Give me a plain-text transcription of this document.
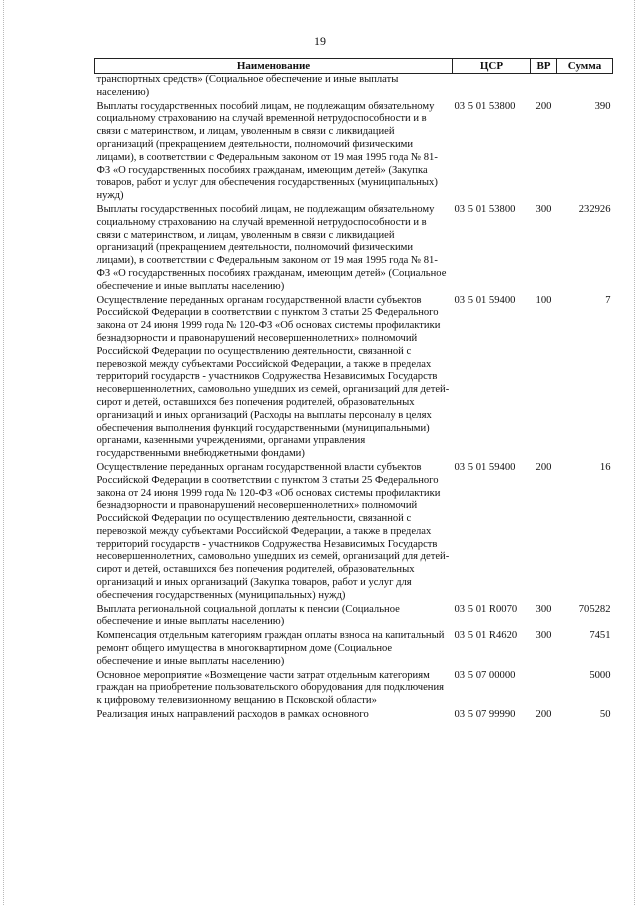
19
Наименование	ЦСР	ВР	Сумма
транспортных средств» (Социальное обеспечение и иные выплаты населению)			
Выплаты государственных пособий лицам, не подлежащим обязательному социальному страхованию на случай временной нетрудоспособности и в связи с материнством, и лицам, уволенным в связи с ликвидацией организаций (прекращением деятельности, полномочий физическими лицами), в соответствии с Федеральным законом от 19 мая 1995 года № 81-ФЗ «О государственных пособиях гражданам, имеющим детей» (Закупка товаров, работ и услуг для обеспечения государственных (муниципальных) нужд)	03 5 01 53800	200	390
Выплаты государственных пособий лицам, не подлежащим обязательному социальному страхованию на случай временной нетрудоспособности и в связи с материнством, и лицам, уволенным в связи с ликвидацией организаций (прекращением деятельности, полномочий физическими лицами), в соответствии с Федеральным законом от 19 мая 1995 года № 81-ФЗ «О государственных пособиях гражданам, имеющим детей» (Социальное обеспечение и иные выплаты населению)	03 5 01 53800	300	232926
Осуществление переданных органам государственной власти субъектов Российской Федерации в соответствии с пунктом 3 статьи 25 Федерального закона от 24 июня 1999 года № 120-ФЗ «Об основах системы профилактики безнадзорности и правонарушений несовершеннолетних» полномочий Российской Федерации по осуществлению деятельности, связанной с перевозкой между субъектами Российской Федерации, а также в пределах территорий государств - участников Содружества Независимых Государств несовершеннолетних, самовольно ушедших из семей, организаций для детей-сирот и детей, оставшихся без попечения родителей, образовательных организаций и иных организаций (Расходы на выплаты персоналу в целях обеспечения выполнения функций государственными (муниципальными) органами, казенными учреждениями, органами управления государственными внебюджетными фондами)	03 5 01 59400	100	7
Осуществление переданных органам государственной власти субъектов Российской Федерации в соответствии с пунктом 3 статьи 25 Федерального закона от 24 июня 1999 года № 120-ФЗ «Об основах системы профилактики безнадзорности и правонарушений несовершеннолетних» полномочий Российской Федерации по осуществлению деятельности, связанной с перевозкой между субъектами Российской Федерации, а также в пределах территорий государств - участников Содружества Независимых Государств несовершеннолетних, самовольно ушедших из семей, организаций для детей-сирот и детей, оставшихся без попечения родителей, образовательных организаций и иных организаций (Закупка товаров, работ и услуг для обеспечения государственных (муниципальных) нужд)	03 5 01 59400	200	16
Выплата региональной социальной доплаты к пенсии (Социальное обеспечение и иные выплаты населению)	03 5 01 R0070	300	705282
Компенсация отдельным категориям граждан оплаты взноса на капитальный ремонт общего имущества в многоквартирном доме (Социальное обеспечение и иные выплаты населению)	03 5 01 R4620	300	7451
Основное мероприятие «Возмещение части затрат отдельным категориям граждан на приобретение пользовательского оборудования для подключения к цифровому телевизионному вещанию в Псковской области»	03 5 07 00000		5000
Реализация иных направлений расходов в рамках основного	03 5 07 99990	200	50
